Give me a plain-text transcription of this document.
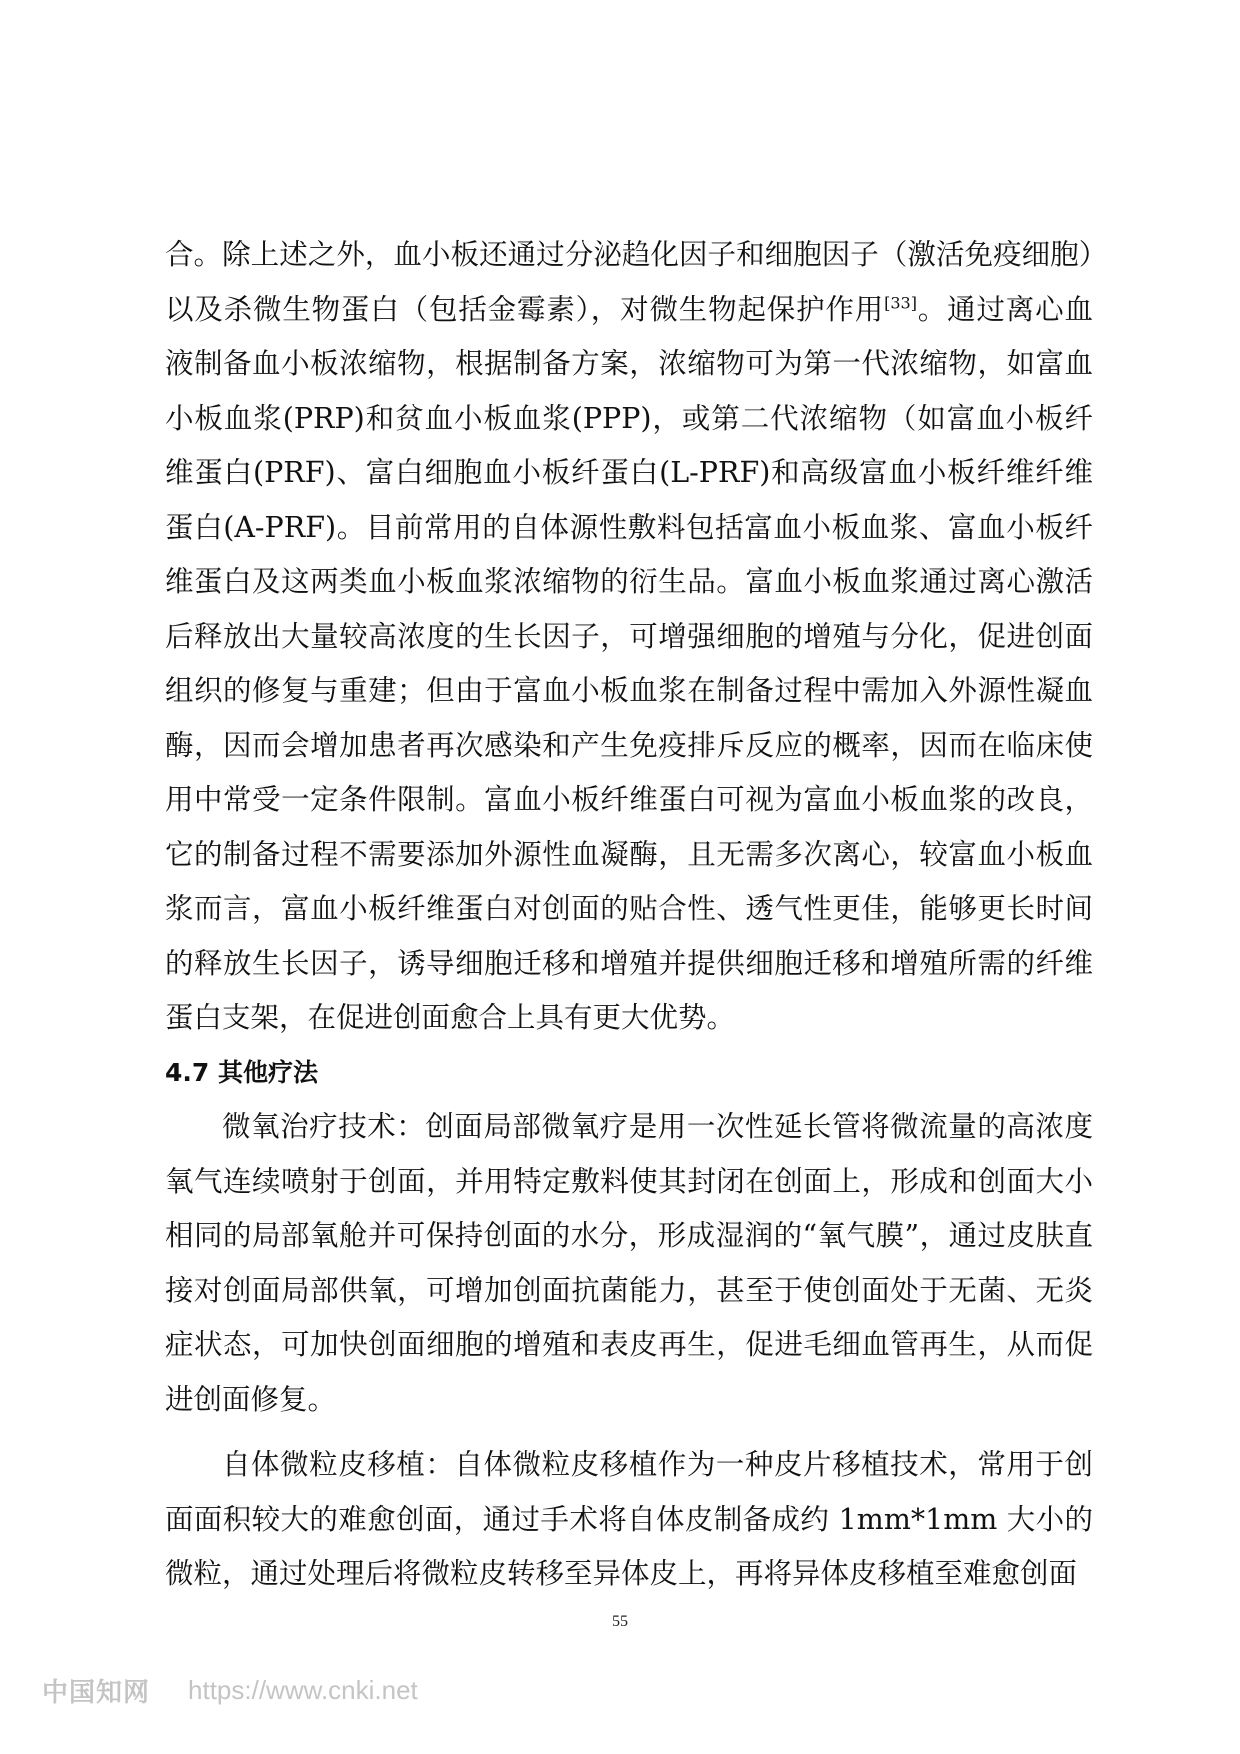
合。除上述之外，血小板还通过分泌趋化因子和细胞因子（激活免疫细胞）以及杀微生物蛋白（包括金霉素），对微生物起保护作用[33]。通过离心血液制备血小板浓缩物，根据制备方案，浓缩物可为第一代浓缩物，如富血小板血浆(PRP)和贫血小板血浆(PPP)，或第二代浓缩物（如富血小板纤维蛋白(PRF)、富白细胞血小板纤蛋白(L-PRF)和高级富血小板纤维纤维蛋白(A-PRF)。目前常用的自体源性敷料包括富血小板血浆、富血小板纤维蛋白及这两类血小板血浆浓缩物的衍生品。富血小板血浆通过离心激活后释放出大量较高浓度的生长因子，可增强细胞的增殖与分化，促进创面组织的修复与重建；但由于富血小板血浆在制备过程中需加入外源性凝血酶，因而会增加患者再次感染和产生免疫排斥反应的概率，因而在临床使用中常受一定条件限制。富血小板纤维蛋白可视为富血小板血浆的改良，它的制备过程不需要添加外源性血凝酶，且无需多次离心，较富血小板血浆而言，富血小板纤维蛋白对创面的贴合性、透气性更佳，能够更长时间的释放生长因子，诱导细胞迁移和增殖并提供细胞迁移和增殖所需的纤维蛋白支架，在促进创面愈合上具有更大优势。

4.7 其他疗法

微氧治疗技术：创面局部微氧疗是用一次性延长管将微流量的高浓度氧气连续喷射于创面，并用特定敷料使其封闭在创面上，形成和创面大小相同的局部氧舱并可保持创面的水分，形成湿润的“氧气膜”，通过皮肤直接对创面局部供氧，可增加创面抗菌能力，甚至于使创面处于无菌、无炎症状态，可加快创面细胞的增殖和表皮再生，促进毛细血管再生，从而促进创面修复。

自体微粒皮移植：自体微粒皮移植作为一种皮片移植技术，常用于创面面积较大的难愈创面，通过手术将自体皮制备成约 1mm*1mm 大小的微粒，通过处理后将微粒皮转移至异体皮上，再将异体皮移植至难愈创面

55
中国知网 https://www.cnki.net
